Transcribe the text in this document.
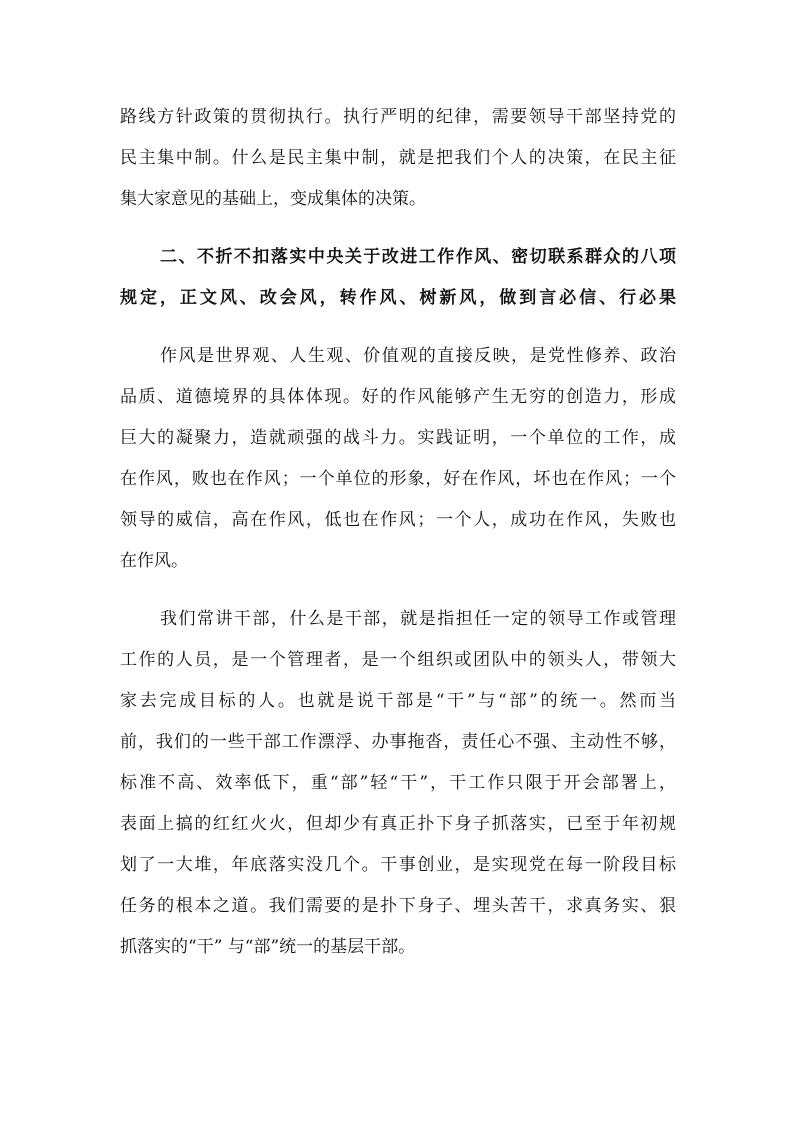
路线方针政策的贯彻执行。执行严明的纪律，需要领导干部坚持党的
民主集中制。什么是民主集中制，就是把我们个人的决策，在民主征
集大家意见的基础上，变成集体的决策。
二、不折不扣落实中央关于改进工作作风、密切联系群众的八项
规定，正文风、改会风，转作风、树新风，做到言必信、行必果
作风是世界观、人生观、价值观的直接反映，是党性修养、政治
品质、道德境界的具体体现。好的作风能够产生无穷的创造力，形成
巨大的凝聚力，造就顽强的战斗力。实践证明，一个单位的工作，成
在作风，败也在作风；一个单位的形象，好在作风，坏也在作风；一个
领导的威信，高在作风，低也在作风；一个人，成功在作风，失败也
在作风。
我们常讲干部，什么是干部，就是指担任一定的领导工作或管理
工作的人员，是一个管理者，是一个组织或团队中的领头人，带领大
家去完成目标的人。也就是说干部是“干”与“部”的统一。然而当
前，我们的一些干部工作漂浮、办事拖沓，责任心不强、主动性不够，
标准不高、效率低下，重“部”轻“干”，干工作只限于开会部署上，
表面上搞的红红火火，但却少有真正扑下身子抓落实，已至于年初规
划了一大堆，年底落实没几个。干事创业，是实现党在每一阶段目标
任务的根本之道。我们需要的是扑下身子、埋头苦干，求真务实、狠
抓落实的“干” 与“部”统一的基层干部。
